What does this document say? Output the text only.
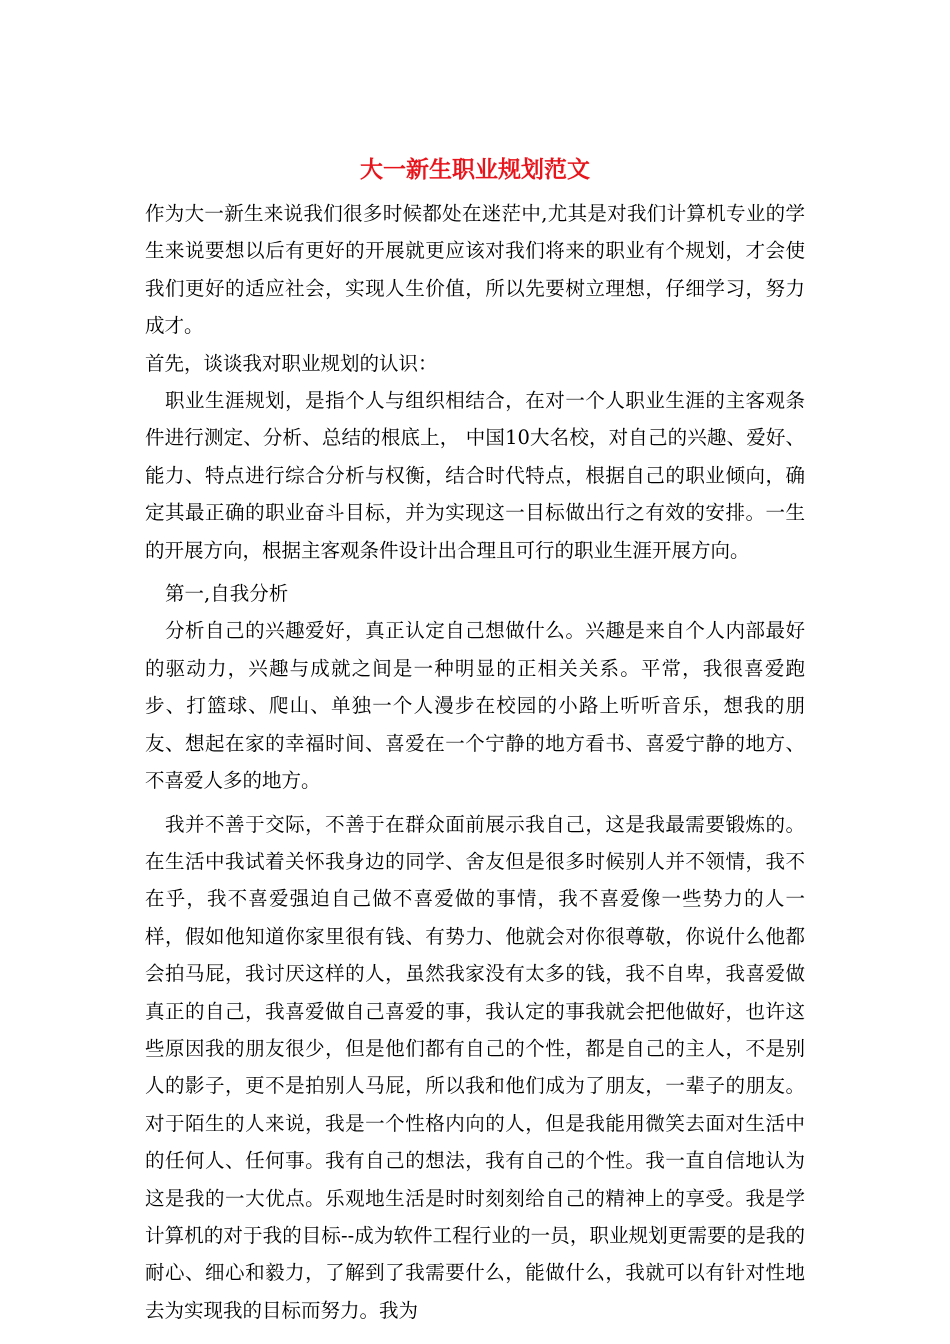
大一新生职业规划范文

作为大一新生来说我们很多时候都处在迷茫中,尤其是对我们计算机专业的学生来说要想以后有更好的开展就更应该对我们将来的职业有个规划，才会使我们更好的适应社会，实现人生价值，所以先要树立理想，仔细学习，努力成才。

首先，谈谈我对职业规划的认识：

职业生涯规划，是指个人与组织相结合，在对一个人职业生涯的主客观条件进行测定、分析、总结的根底上， 中国10大名校，对自己的兴趣、爱好、能力、特点进行综合分析与权衡，结合时代特点，根据自己的职业倾向，确定其最正确的职业奋斗目标，并为实现这一目标做出行之有效的安排。一生的开展方向，根据主客观条件设计出合理且可行的职业生涯开展方向。

第一,自我分析

分析自己的兴趣爱好，真正认定自己想做什么。兴趣是来自个人内部最好的驱动力，兴趣与成就之间是一种明显的正相关关系。平常，我很喜爱跑步、打篮球、爬山、单独一个人漫步在校园的小路上听听音乐，想我的朋友、想起在家的幸福时间、喜爱在一个宁静的地方看书、喜爱宁静的地方、不喜爱人多的地方。

我并不善于交际，不善于在群众面前展示我自己，这是我最需要锻炼的。在生活中我试着关怀我身边的同学、舍友但是很多时候别人并不领情，我不在乎，我不喜爱强迫自己做不喜爱做的事情，我不喜爱像一些势力的人一样，假如他知道你家里很有钱、有势力、他就会对你很尊敬，你说什么他都会拍马屁，我讨厌这样的人，虽然我家没有太多的钱，我不自卑，我喜爱做真正的自己，我喜爱做自己喜爱的事，我认定的事我就会把他做好，也许这些原因我的朋友很少，但是他们都有自己的个性，都是自己的主人，不是别人的影子，更不是拍别人马屁，所以我和他们成为了朋友，一辈子的朋友。对于陌生的人来说，我是一个性格内向的人，但是我能用微笑去面对生活中的任何人、任何事。我有自己的想法，我有自己的个性。我一直自信地认为这是我的一大优点。乐观地生活是时时刻刻给自己的精神上的享受。我是学计算机的对于我的目标--成为软件工程行业的一员，职业规划更需要的是我的耐心、细心和毅力，了解到了我需要什么，能做什么，我就可以有针对性地去为实现我的目标而努力。我为
